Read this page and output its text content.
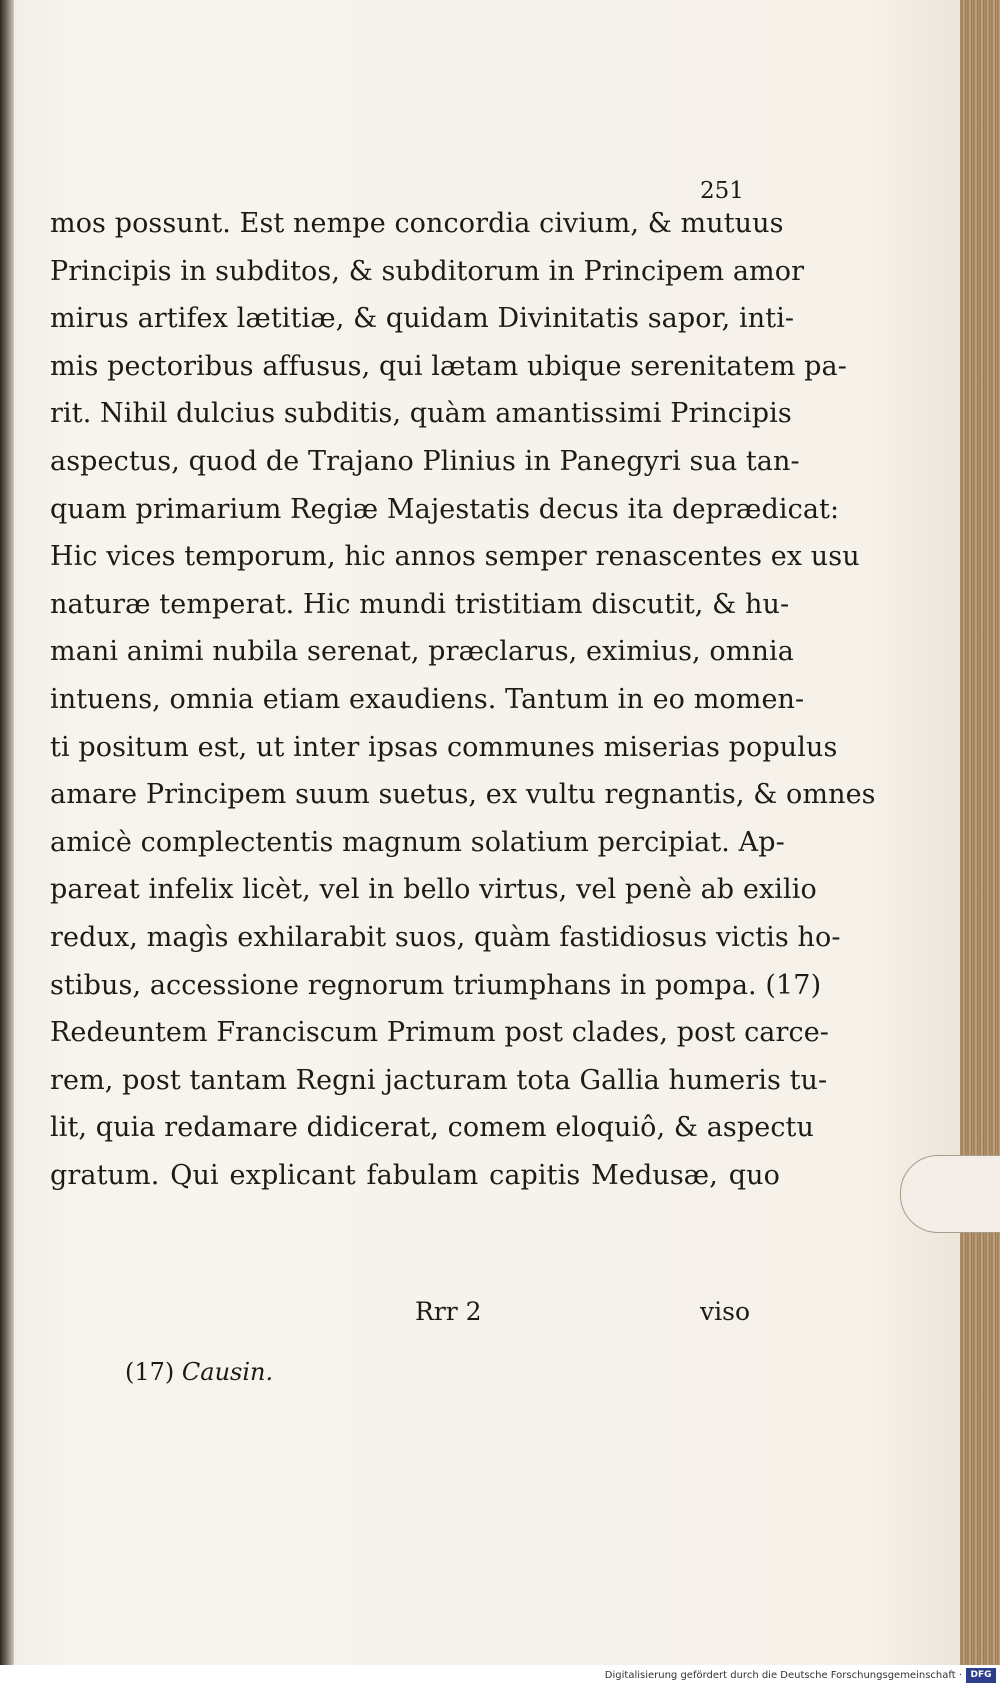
251
mos possunt. Est nempe concordia civium, & mutuus
Principis in subditos, & subditorum in Principem amor
mirus artifex lætitiæ, & quidam Divinitatis sapor, inti-
mis pectoribus affusus, qui lætam ubique serenitatem pa-
rit. Nihil dulcius subditis, quàm amantissimi Principis
aspectus, quod de Trajano Plinius in Panegyri sua tan-
quam primarium Regiæ Majestatis decus ita deprædicat:
Hic vices temporum, hic annos semper renascentes ex usu
naturæ temperat. Hic mundi tristitiam discutit, & hu-
mani animi nubila serenat, præclarus, eximius, omnia
intuens, omnia etiam exaudiens. Tantum in eo momen-
ti positum est, ut inter ipsas communes miserias populus
amare Principem suum suetus, ex vultu regnantis, & omnes
amicè complectentis magnum solatium percipiat. Ap-
pareat infelix licèt, vel in bello virtus, vel penè ab exilio
redux, magìs exhilarabit suos, quàm fastidiosus victis ho-
stibus, accessione regnorum triumphans in pompa. (17)
Redeuntem Franciscum Primum post clades, post carce-
rem, post tantam Regni jacturam tota Gallia humeris tu-
lit, quia redamare didicerat, comem eloquiô, & aspectu
gratum. Qui explicant fabulam capitis Medusæ, quo
Rrr 2	viso
(17) Causin.
Digitalisierung gefördert durch die Deutsche Forschungsgemeinschaft · DFG
